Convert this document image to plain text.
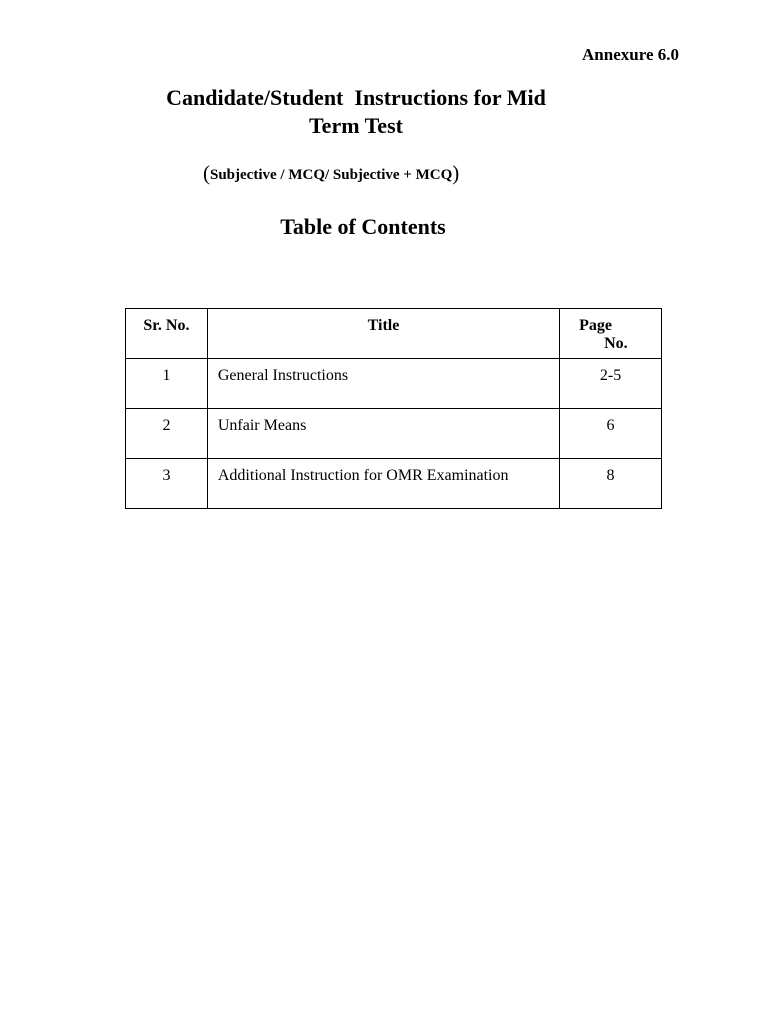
Annexure 6.0

Candidate/Student  Instructions for Mid
Term Test

(Subjective / MCQ/ Subjective + MCQ)

Table of Contents
Sr. No.	Title	Page
No.

1	General Instructions	2-5
2	Unfair Means	6
3	Additional Instruction for OMR Examination	8
